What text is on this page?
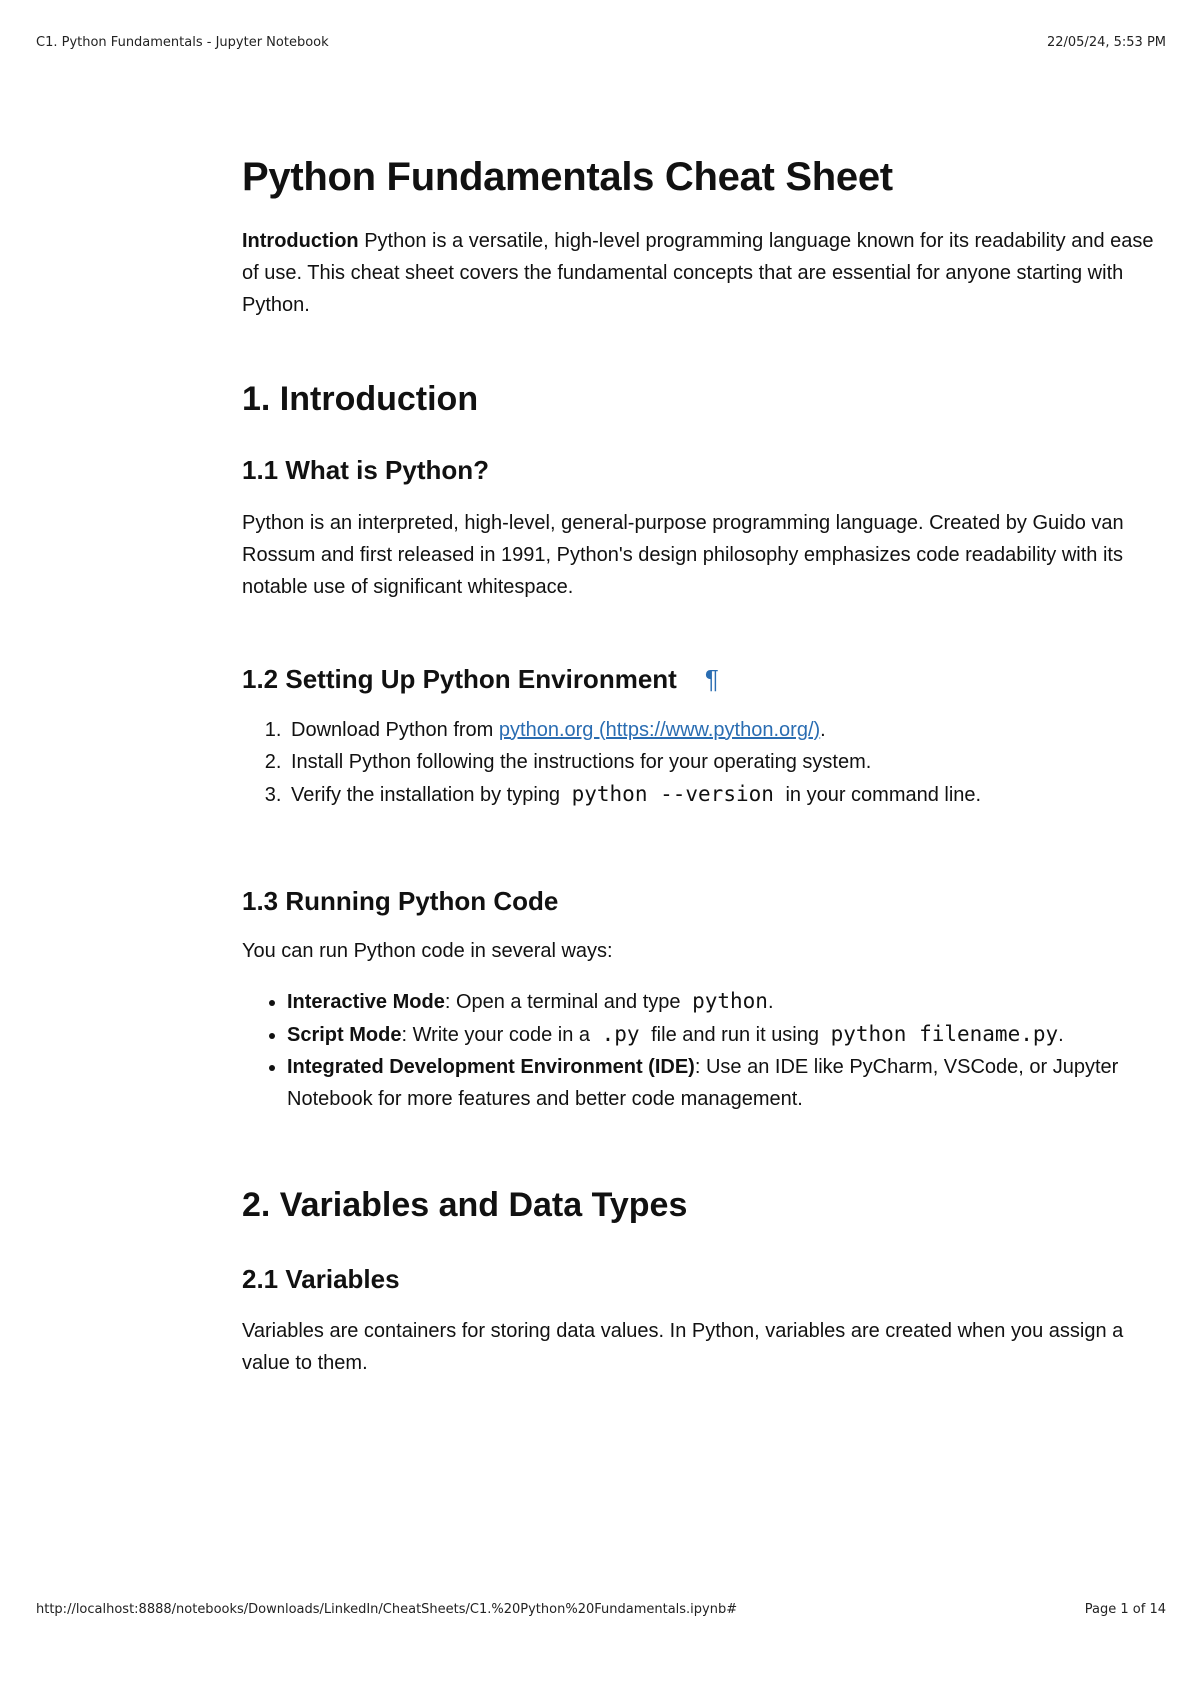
C1. Python Fundamentals - Jupyter Notebook	22/05/24, 5:53 PM
Python Fundamentals Cheat Sheet

Introduction Python is a versatile, high-level programming language known for its readability and ease of use. This cheat sheet covers the fundamental concepts that are essential for anyone starting with Python.

1. Introduction
1.1 What is Python?

Python is an interpreted, high-level, general-purpose programming language. Created by Guido van Rossum and first released in 1991, Python's design philosophy emphasizes code readability with its notable use of significant whitespace.

1.2 Setting Up Python Environment ¶
1. Download Python from python.org (https://www.python.org/).
2. Install Python following the instructions for your operating system.
3. Verify the installation by typing python --version in your command line.
1.3 Running Python Code

You can run Python code in several ways:

• Interactive Mode: Open a terminal and type python.
• Script Mode: Write your code in a .py file and run it using python filename.py.
• Integrated Development Environment (IDE): Use an IDE like PyCharm, VSCode, or Jupyter Notebook for more features and better code management.
2. Variables and Data Types
2.1 Variables

Variables are containers for storing data values. In Python, variables are created when you assign a value to them.

http://localhost:8888/notebooks/Downloads/LinkedIn/CheatSheets/C1.%20Python%20Fundamentals.ipynb#	Page 1 of 14
